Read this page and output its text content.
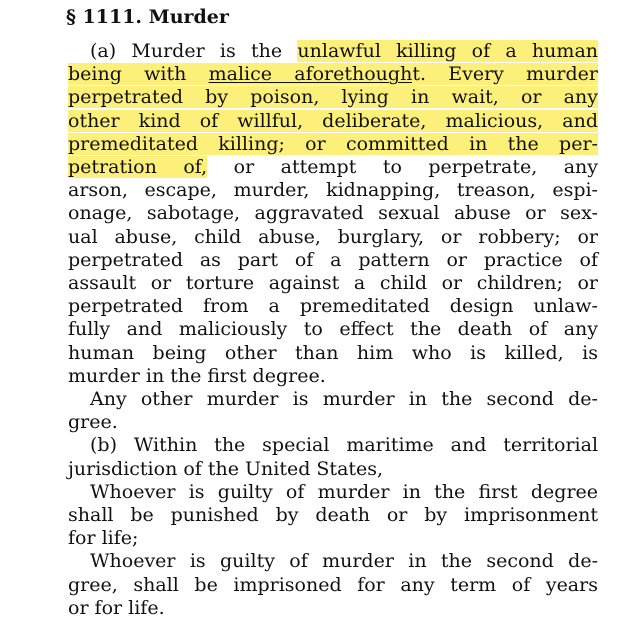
§ 1111. Murder
(a) Murder is the unlawful killing of a human
being with malice aforethought. Every murder
perpetrated by poison, lying in wait, or any
other kind of willful, deliberate, malicious, and
premeditated killing; or committed in the per-
petration of, or attempt to perpetrate, any
arson, escape, murder, kidnapping, treason, espi-
onage, sabotage, aggravated sexual abuse or sex-
ual abuse, child abuse, burglary, or robbery; or
perpetrated as part of a pattern or practice of
assault or torture against a child or children; or
perpetrated from a premeditated design unlaw-
fully and maliciously to effect the death of any
human being other than him who is killed, is
murder in the first degree.
Any other murder is murder in the second de-
gree.
(b) Within the special maritime and territorial
jurisdiction of the United States,
Whoever is guilty of murder in the first degree
shall be punished by death or by imprisonment
for life;
Whoever is guilty of murder in the second de-
gree, shall be imprisoned for any term of years
or for life.
